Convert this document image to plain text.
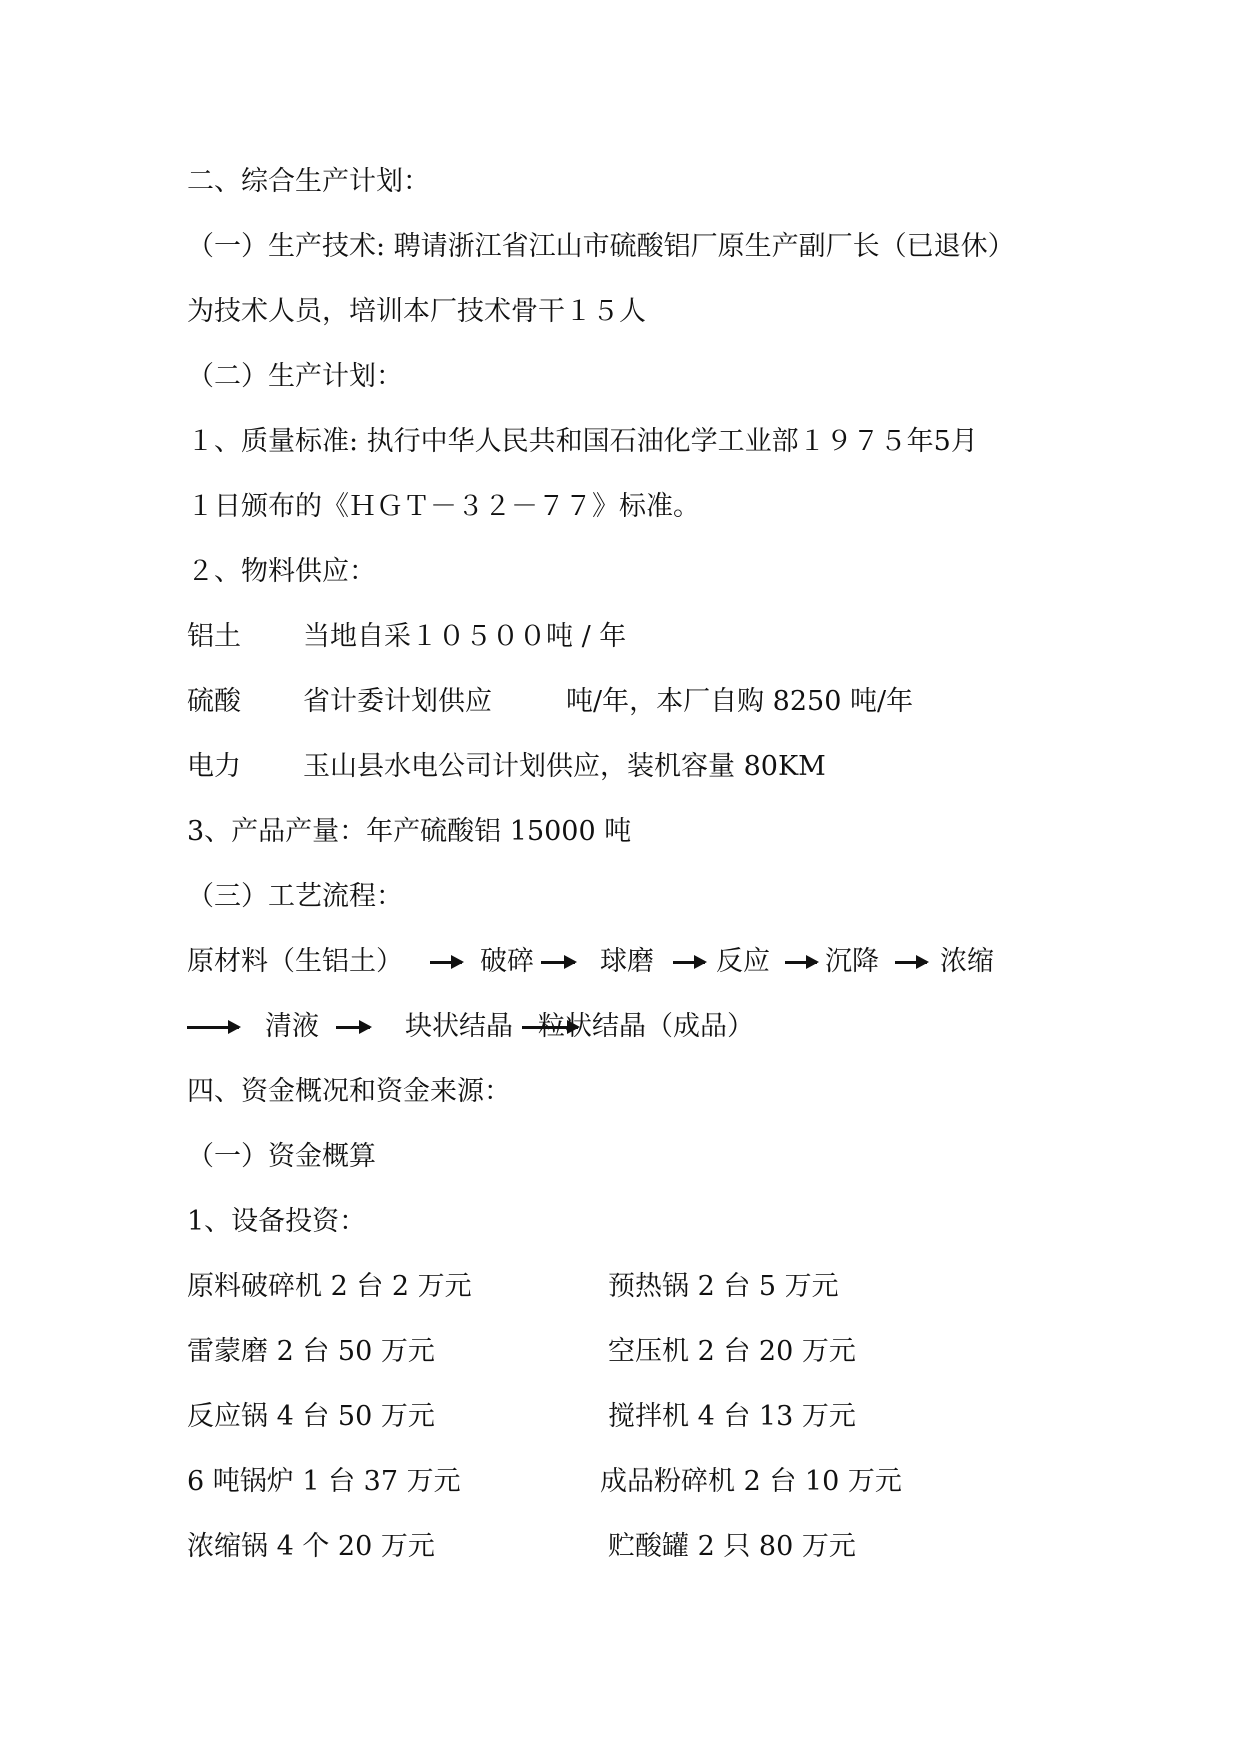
二、综合生产计划：
（一）生产技术: 聘请浙江省江山市硫酸铝厂原生产副厂长（已退休）
为技术人员，培训本厂技术骨干１５人
（二）生产计划：
１、质量标准: 执行中华人民共和国石油化学工业部１９７５年5月
１日颁布的《ＨＧＴ－３２－７７》标准。
２、物料供应：
铝土 当地自采１０５００吨 / 年
硫酸 省计委计划供应	吨/年，本厂自购 8250 吨/年
电力 玉山县水电公司计划供应，装机容量 80KM
3、产品产量：年产硫酸铝 15000 吨
（三）工艺流程：
原材料（生铝土）	破碎 球磨 反应 沉降 浓缩
清液	块状结晶 粒状结晶（成品）
四、资金概况和资金来源：
（一）资金概算
1、设备投资：
原料破碎机 2 台 2 万元	预热锅 2 台 5 万元
雷蒙磨 2 台 50 万元	空压机 2 台 20 万元
反应锅 4 台 50 万元	搅拌机 4 台 13 万元
6 吨锅炉 1 台 37 万元	成品粉碎机 2 台 10 万元
浓缩锅 4 个 20 万元	贮酸罐 2 只 80 万元
